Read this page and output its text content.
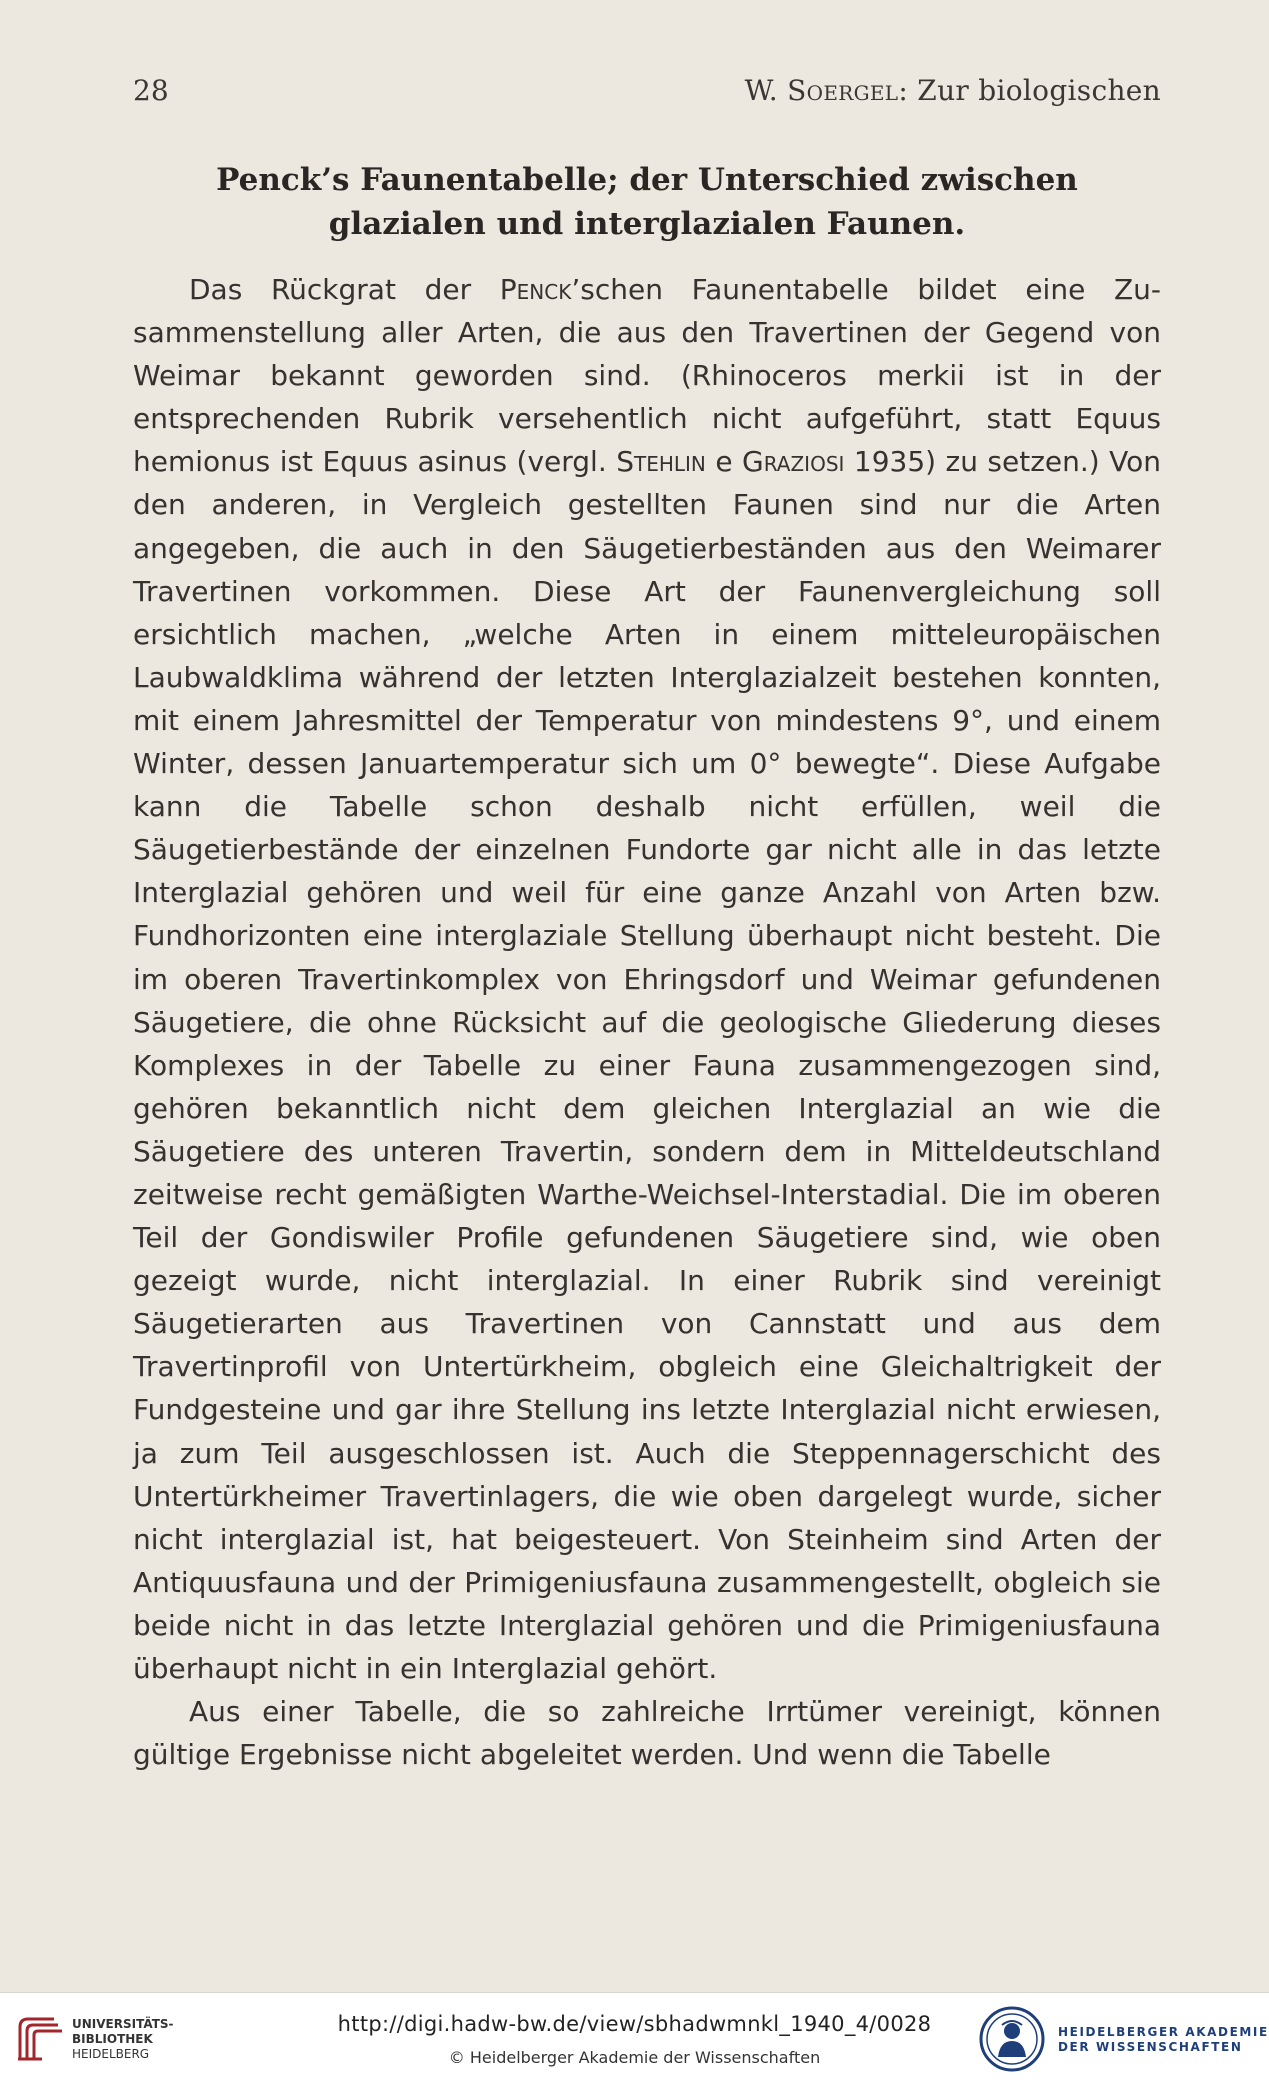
28	W. Soergel: Zur biologischen
Penck’s Faunentabelle; der Unterschied zwischen
glazialen und interglazialen Faunen.

Das Rückgrat der Penck’schen Faunentabelle bildet eine Zusammenstellung aller Arten, die aus den Travertinen der Gegend von Weimar bekannt geworden sind. (Rhinoceros merkii ist in der entsprechenden Rubrik versehentlich nicht aufgeführt, statt Equus hemionus ist Equus asinus (vergl. Stehlin e Graziosi 1935) zu setzen.) Von den anderen, in Vergleich gestellten Faunen sind nur die Arten angegeben, die auch in den Säugetierbeständen aus den Weimarer Travertinen vorkommen. Diese Art der Faunenvergleichung soll ersichtlich machen, „welche Arten in einem mitteleuropäischen Laubwaldklima während der letzten Interglazialzeit bestehen konnten, mit einem Jahresmittel der Temperatur von mindestens 9°, und einem Winter, dessen Januartemperatur sich um 0° bewegte“. Diese Aufgabe kann die Tabelle schon deshalb nicht erfüllen, weil die Säugetierbestände der einzelnen Fundorte gar nicht alle in das letzte Interglazial gehören und weil für eine ganze Anzahl von Arten bzw. Fundhorizonten eine interglaziale Stellung überhaupt nicht besteht. Die im oberen Travertinkomplex von Ehringsdorf und Weimar gefundenen Säugetiere, die ohne Rücksicht auf die geologische Gliederung dieses Komplexes in der Tabelle zu einer Fauna zusammengezogen sind, gehören bekanntlich nicht dem gleichen Interglazial an wie die Säugetiere des unteren Travertin, sondern dem in Mitteldeutschland zeitweise recht gemäßigten Warthe-Weichsel-Interstadial. Die im oberen Teil der Gondiswiler Profile gefundenen Säugetiere sind, wie oben gezeigt wurde, nicht interglazial. In einer Rubrik sind vereinigt Säugetierarten aus Travertinen von Cannstatt und aus dem Travertinprofil von Untertürkheim, obgleich eine Gleichaltrigkeit der Fundgesteine und gar ihre Stellung ins letzte Interglazial nicht erwiesen, ja zum Teil ausgeschlossen ist. Auch die Steppennagerschicht des Untertürkheimer Travertinlagers, die wie oben dargelegt wurde, sicher nicht interglazial ist, hat beigesteuert. Von Steinheim sind Arten der Antiquusfauna und der Primigeniusfauna zusammengestellt, obgleich sie beide nicht in das letzte Interglazial gehören und die Primigeniusfauna überhaupt nicht in ein Interglazial gehört.

Aus einer Tabelle, die so zahlreiche Irrtümer vereinigt, können gültige Ergebnisse nicht abgeleitet werden. Und wenn die Tabelle

UNIVERSITÄTS-
BIBLIOTHEK
HEIDELBERG
http://digi.hadw-bw.de/view/sbhadwmnkl_1940_4/0028
© Heidelberger Akademie der Wissenschaften
HEIDELBERGER AKADEMIE
DER WISSENSCHAFTEN
